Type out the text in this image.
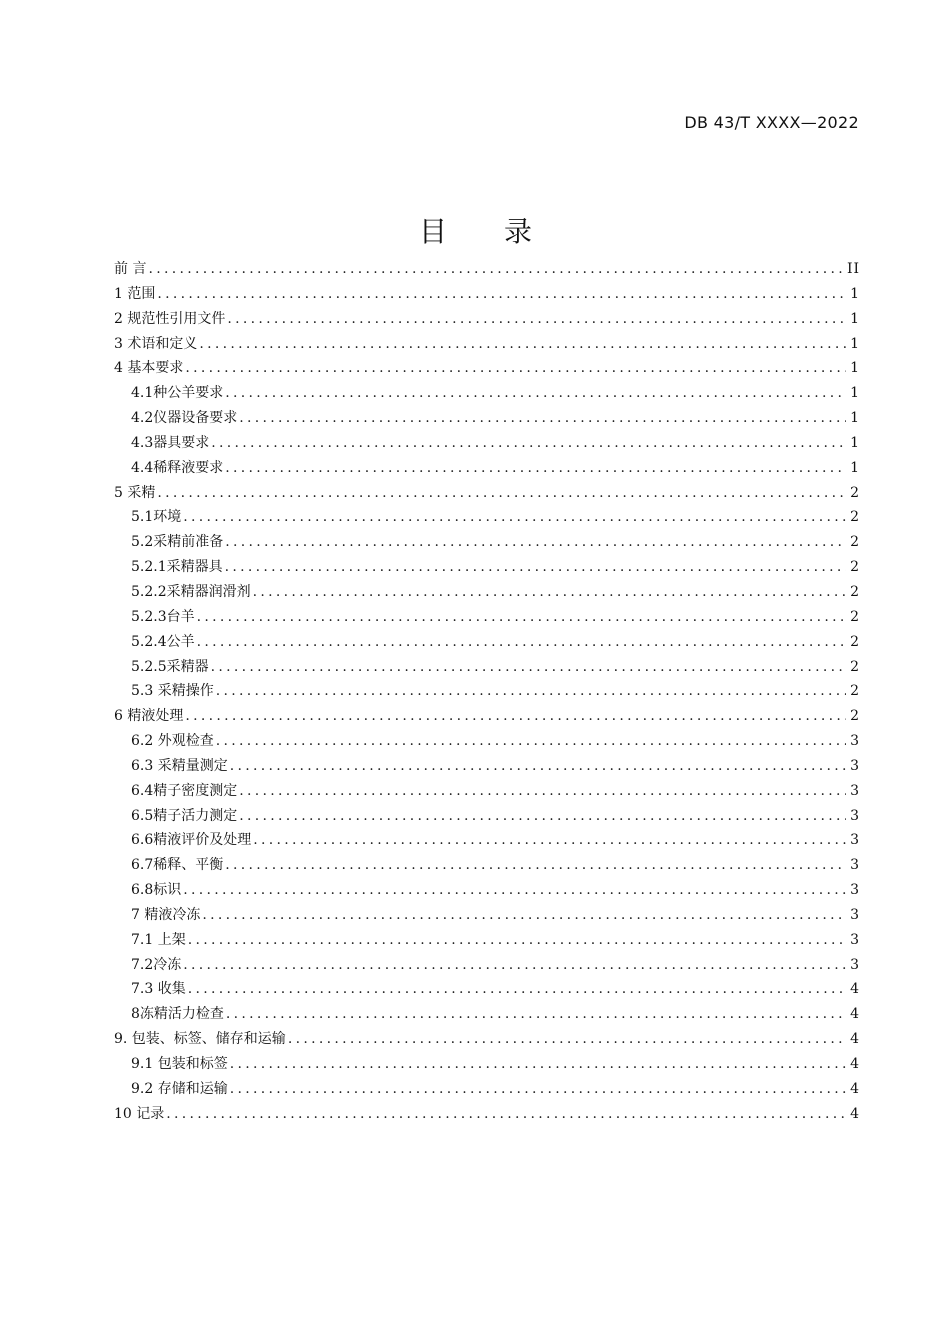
DB 43/T XXXX—2022
目 录
前 言 .....	II
1 范围 .....	1
2 规范性引用文件 .....	1
3 术语和定义 .....	1
4 基本要求 .....	1
4.1种公羊要求 .....	1
4.2仪器设备要求 .....	1
4.3器具要求 .....	1
4.4稀释液要求 .....	1
5 采精 .....	2
5.1环境 .....	2
5.2采精前准备 .....	2
5.2.1采精器具 .....	2
5.2.2采精器润滑剂 .....	2
5.2.3台羊 .....	2
5.2.4公羊 .....	2
5.2.5采精器 .....	2
5.3 采精操作 .....	2
6 精液处理 .....	2
6.2 外观检查 .....	3
6.3 采精量测定 .....	3
6.4精子密度测定 .....	3
6.5精子活力测定 .....	3
6.6精液评价及处理 .....	3
6.7稀释、平衡 .....	3
6.8标识 .....	3
7 精液冷冻 .....	3
7.1 上架 .....	3
7.2冷冻 .....	3
7.3 收集 .....	4
8冻精活力检查 .....	4
9. 包装、标签、储存和运输 .....	4
9.1 包装和标签 .....	4
9.2 存储和运输 .....	4
10 记录 .....	4
